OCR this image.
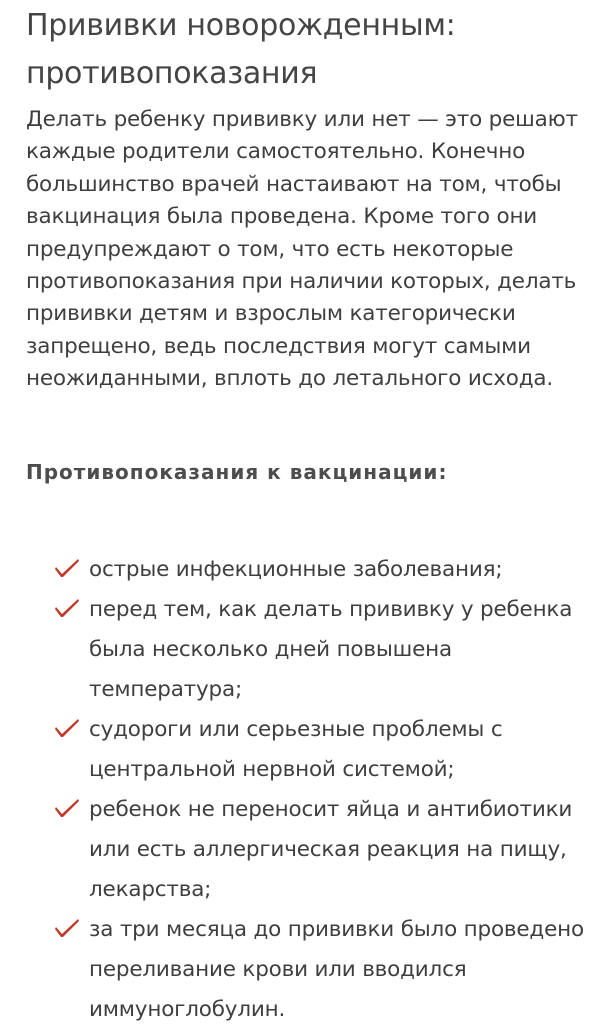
Прививки новорожденным: противопоказания

Делать ребенку прививку или нет — это решают каждые родители самостоятельно. Конечно большинство врачей настаивают на том, чтобы вакцинация была проведена. Кроме того они предупреждают о том, что есть некоторые противопоказания при наличии которых, делать прививки детям и взрослым категорически запрещено, ведь последствия могут самыми неожиданными, вплоть до летального исхода.

Противопоказания к вакцинации:
острые инфекционные заболевания;
перед тем, как делать прививку у ребенка была несколько дней повышена температура;
судороги или серьезные проблемы с центральной нервной системой;
ребенок не переносит яйца и антибиотики или есть аллергическая реакция на пищу, лекарства;
за три месяца до прививки было проведено переливание крови или вводился иммуноглобулин.
